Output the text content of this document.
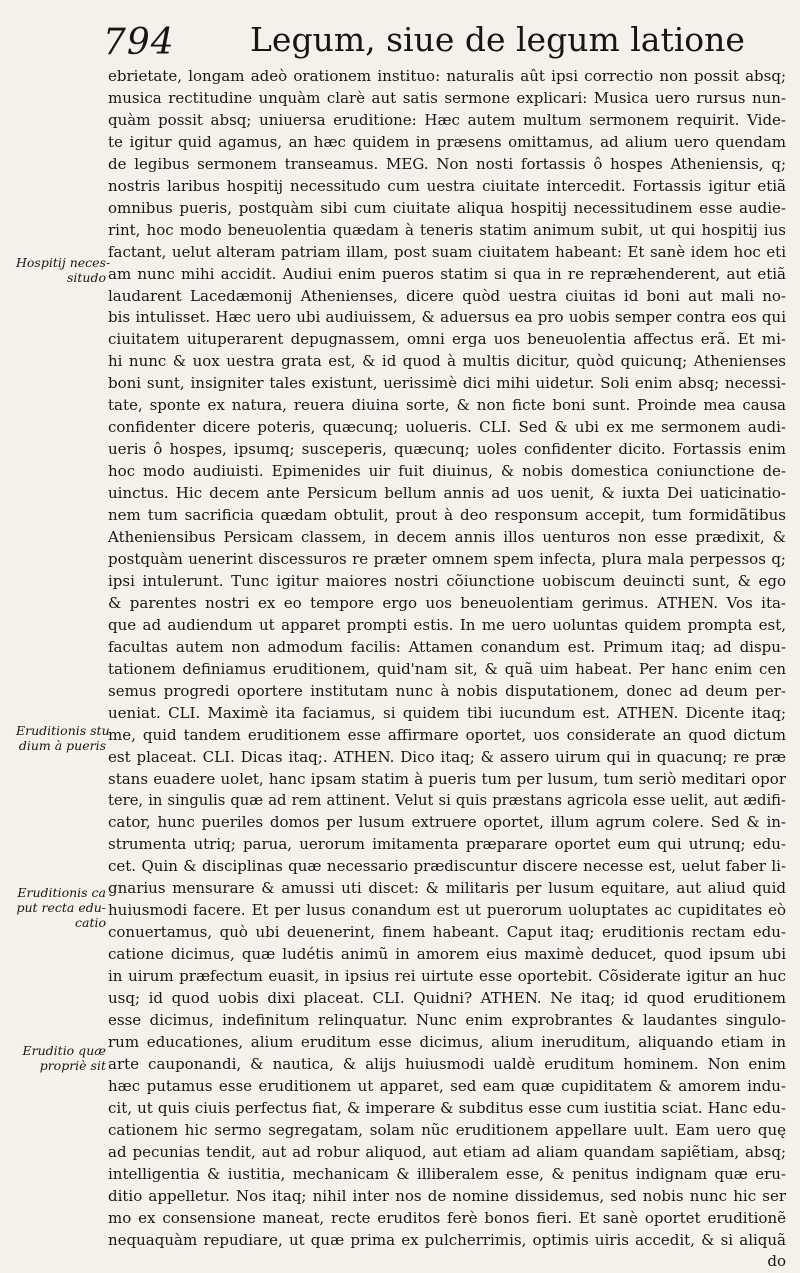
794 Legum, siue de legum latione
Hospitij neces-
situdo
Eruditionis stu
dium à pueris
Eruditionis ca
put recta edu-
catio
Eruditio quæ
propriè sit
ebrietate, longam adeò orationem instituo: naturalis aût ipsi correctio non possit absq;
musica rectitudine unquàm clarè aut satis sermone explicari: Musica uero rursus nun-
quàm possit absq; uniuersa eruditione: Hæc autem multum sermonem requirit. Vide-
te igitur quid agamus, an hæc quidem in præsens omittamus, ad alium uero quendam
de legibus sermonem transeamus. MEG. Non nosti fortassis ô hospes Atheniensis, q;
nostris laribus hospitij necessitudo cum uestra ciuitate intercedit. Fortassis igitur etiã
omnibus pueris, postquàm sibi cum ciuitate aliqua hospitij necessitudinem esse audie-
rint, hoc modo beneuolentia quædam à teneris statim animum subit, ut qui hospitij ius
factant, uelut alteram patriam illam, post suam ciuitatem habeant: Et sanè idem hoc eti
am nunc mihi accidit. Audiui enim pueros statim si qua in re repræhenderent, aut etiã
laudarent Lacedæmonij Athenienses, dicere quòd uestra ciuitas id boni aut mali no-
bis intulisset. Hæc uero ubi audiuissem, & aduersus ea pro uobis semper contra eos qui
ciuitatem uituperarent depugnassem, omni erga uos beneuolentia affectus erã. Et mi-
hi nunc & uox uestra grata est, & id quod à multis dicitur, quòd quicunq; Athenienses
boni sunt, insigniter tales existunt, uerissimè dici mihi uidetur. Soli enim absq; necessi-
tate, sponte ex natura, reuera diuina sorte, & non ficte boni sunt. Proinde mea causa
confidenter dicere poteris, quæcunq; uolueris. CLI. Sed & ubi ex me sermonem audi-
ueris ô hospes, ipsumq; susceperis, quæcunq; uoles confidenter dicito. Fortassis enim
hoc modo audiuisti. Epimenides uir fuit diuinus, & nobis domestica coniunctione de-
uinctus. Hic decem ante Persicum bellum annis ad uos uenit, & iuxta Dei uaticinatio-
nem tum sacrificia quædam obtulit, prout à deo responsum accepit, tum formidãtibus
Atheniensibus Persicam classem, in decem annis illos uenturos non esse prædixit, &
postquàm uenerint discessuros re præter omnem spem infecta, plura mala perpessos q;
ipsi intulerunt. Tunc igitur maiores nostri cõiunctione uobiscum deuincti sunt, & ego
& parentes nostri ex eo tempore ergo uos beneuolentiam gerimus. ATHEN. Vos ita-
que ad audiendum ut apparet prompti estis. In me uero uoluntas quidem prompta est,
facultas autem non admodum facilis: Attamen conandum est. Primum itaq; ad dispu-
tationem definiamus eruditionem, quid'nam sit, & quã uim habeat. Per hanc enim cen
semus progredi oportere institutam nunc à nobis disputationem, donec ad deum per-
ueniat. CLI. Maximè ita faciamus, si quidem tibi iucundum est. ATHEN. Dicente itaq;
me, quid tandem eruditionem esse affirmare oportet, uos considerate an quod dictum
est placeat. CLI. Dicas itaq;. ATHEN. Dico itaq; & assero uirum qui in quacunq; re præ
stans euadere uolet, hanc ipsam statim à pueris tum per lusum, tum seriò meditari opor
tere, in singulis quæ ad rem attinent. Velut si quis præstans agricola esse uelit, aut ædifi-
cator, hunc pueriles domos per lusum extruere oportet, illum agrum colere. Sed & in-
strumenta utriq; parua, uerorum imitamenta præparare oportet eum qui utrunq; edu-
cet. Quin & disciplinas quæ necessario prædiscuntur discere necesse est, uelut faber li-
gnarius mensurare & amussi uti discet: & militaris per lusum equitare, aut aliud quid
huiusmodi facere. Et per lusus conandum est ut puerorum uoluptates ac cupiditates eò
conuertamus, quò ubi deuenerint, finem habeant. Caput itaq; eruditionis rectam edu-
catione dicimus, quæ ludétis animũ in amorem eius maximè deducet, quod ipsum ubi
in uirum præfectum euasit, in ipsius rei uirtute esse oportebit. Cõsiderate igitur an huc
usq; id quod uobis dixi placeat. CLI. Quidni? ATHEN. Ne itaq; id quod eruditionem
esse dicimus, indefinitum relinquatur. Nunc enim exprobrantes & laudantes singulo-
rum educationes, alium eruditum esse dicimus, alium ineruditum, aliquando etiam in
arte cauponandi, & nautica, & alijs huiusmodi ualdè eruditum hominem. Non enim
hæc putamus esse eruditionem ut apparet, sed eam quæ cupiditatem & amorem indu-
cit, ut quis ciuis perfectus fiat, & imperare & subditus esse cum iustitia sciat. Hanc edu-
cationem hic sermo segregatam, solam nũc eruditionem appellare uult. Eam uero quę
ad pecunias tendit, aut ad robur aliquod, aut etiam ad aliam quandam sapiẽtiam, absq;
intelligentia & iustitia, mechanicam & illiberalem esse, & penitus indignam quæ eru-
ditio appelletur. Nos itaq; nihil inter nos de nomine dissidemus, sed nobis nunc hic ser
mo ex consensione maneat, recte eruditos ferè bonos fieri. Et sanè oportet eruditionẽ
nequaquàm repudiare, ut quæ prima ex pulcherrimis, optimis uiris accedit, & si aliquã
do
